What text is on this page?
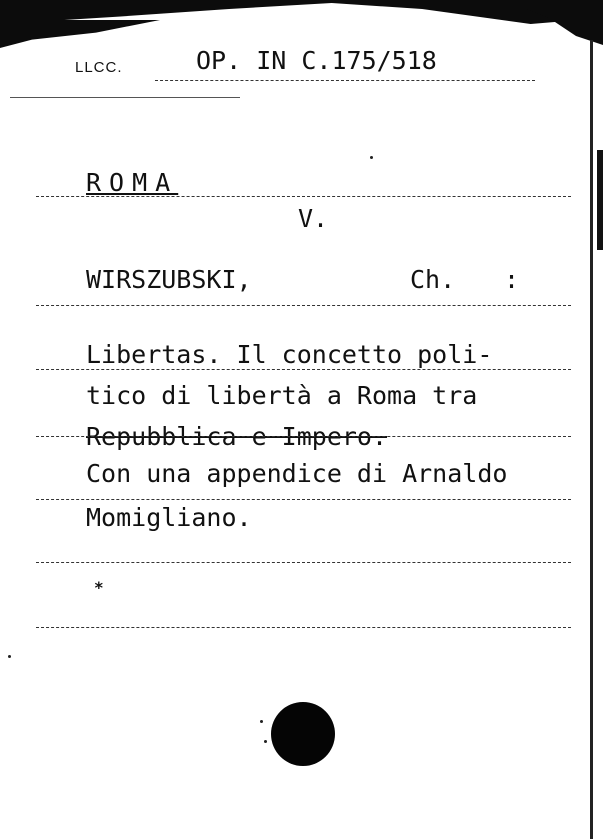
LLCC.	OP. IN C.175/518
ROMA
V.
WIRSZUBSKI,	Ch. :
Libertas. Il concetto poli-
tico di libertà a Roma tra
Repubblica e Impero.
Con una appendice di Arnaldo
Momigliano.
*
